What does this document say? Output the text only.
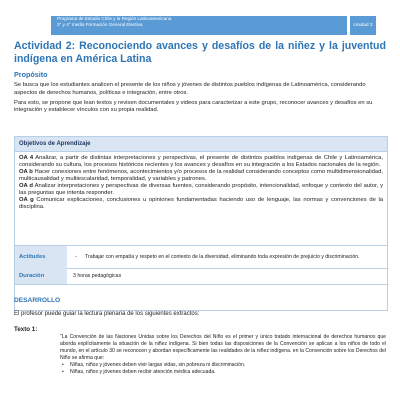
Programa de Estudio Chile y la Región Latinoamericana
3° y 4° medio Formación General Electiva	Unidad 3
Actividad 2: Reconociendo avances y desafíos de la niñez y la juventud indígena en América Latina
Propósito

Se busca que los estudiantes analicen el presente de los niños y jóvenes de distintos pueblos indígenas de Latinoamérica, considerando aspectos de derechos humanos, políticas e integración, entre otros.

Para esto, se propone que lean textos y revisen documentales y videos para caracterizar a este grupo, reconocer avances y desafíos en su integración y establecer vínculos con su propia realidad.

Objetivos de Aprendizaje

OA 4 Analizar, a partir de distintas interpretaciones y perspectivas, el presente de distintos pueblos indígenas de Chile y Latinoamérica, considerando su cultura, los procesos históricos recientes y los avances y desafíos en su integración a los Estados nacionales de la región.

OA b Hacer conexiones entre fenómenos, acontecimientos y/o procesos de la realidad considerando conceptos como multidimensionalidad, multicausalidad y multiescalaridad, temporalidad, y variables y patrones.

OA d Analizar interpretaciones y perspectivas de diversas fuentes, considerando propósito, intencionalidad, enfoque y contexto del autor, y las preguntas que intenta responder.

OA g Comunicar explicaciones, conclusiones u opiniones fundamentadas haciendo uso de lenguaje, las normas y convenciones de la disciplina.

Actitudes
-	Trabajar con empatía y respeto en el contexto de la diversidad, eliminando toda expresión de prejuicio y discriminación.
Duración	3 horas pedagógicas
DESARROLLO
El profesor puede guiar la lectura plenaria de los siguientes extractos:
Texto 1:

"La Convención de las Naciones Unidas sobre los Derechos del Niño es el primer y único tratado internacional de derechos humanos que aborda explícitamente la situación de la niñez indígena. Si bien todas las disposiciones de la Convención se aplican a los niños de todo el mundo, en el artículo 30 se reconocen y abordan específicamente las realidades de la niñez indígena. en la Convención sobre los Derechos del Niño se afirma que:

• Niñas, niños y jóvenes deben vivir largas vidas, sin pobreza ni discriminación.
• Niñas, niños y jóvenes deben recibir atención médica adecuada.
